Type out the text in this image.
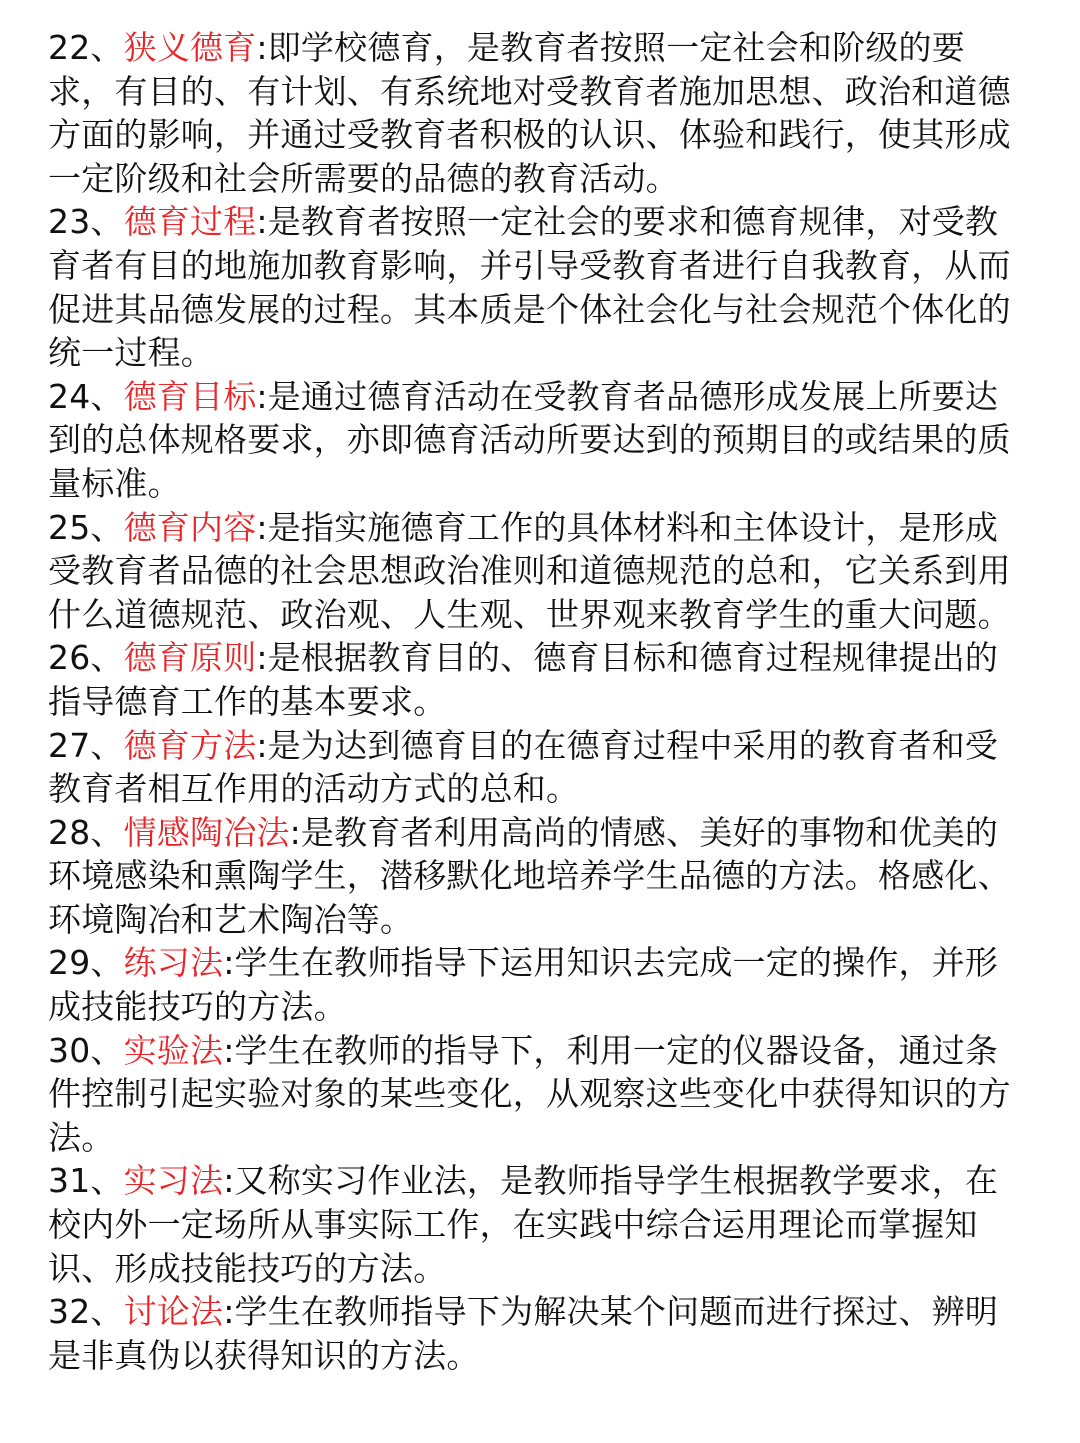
22、狭义德育:即学校德育，是教育者按照一定社会和阶级的要求，有目的、有计划、有系统地对受教育者施加思想、政治和道德方面的影响，并通过受教育者积极的认识、体验和践行，使其形成一定阶级和社会所需要的品德的教育活动。

23、德育过程:是教育者按照一定社会的要求和德育规律，对受教育者有目的地施加教育影响，并引导受教育者进行自我教育，从而促进其品德发展的过程。其本质是个体社会化与社会规范个体化的统一过程。

24、德育目标:是通过德育活动在受教育者品德形成发展上所要达到的总体规格要求，亦即德育活动所要达到的预期目的或结果的质量标准。

25、德育内容:是指实施德育工作的具体材料和主体设计，是形成受教育者品德的社会思想政治准则和道德规范的总和，它关系到用什么道德规范、政治观、人生观、世界观来教育学生的重大问题。

26、德育原则:是根据教育目的、德育目标和德育过程规律提出的指导德育工作的基本要求。

27、德育方法:是为达到德育目的在德育过程中采用的教育者和受教育者相互作用的活动方式的总和。

28、情感陶冶法:是教育者利用高尚的情感、美好的事物和优美的环境感染和熏陶学生，潜移默化地培养学生品德的方法。格感化、环境陶冶和艺术陶冶等。

29、练习法:学生在教师指导下运用知识去完成一定的操作，并形成技能技巧的方法。

30、实验法:学生在教师的指导下，利用一定的仪器设备，通过条件控制引起实验对象的某些变化，从观察这些变化中获得知识的方法。

31、实习法:又称实习作业法，是教师指导学生根据教学要求，在校内外一定场所从事实际工作，在实践中综合运用理论而掌握知识、形成技能技巧的方法。

32、讨论法:学生在教师指导下为解决某个问题而进行探过、辨明是非真伪以获得知识的方法。
